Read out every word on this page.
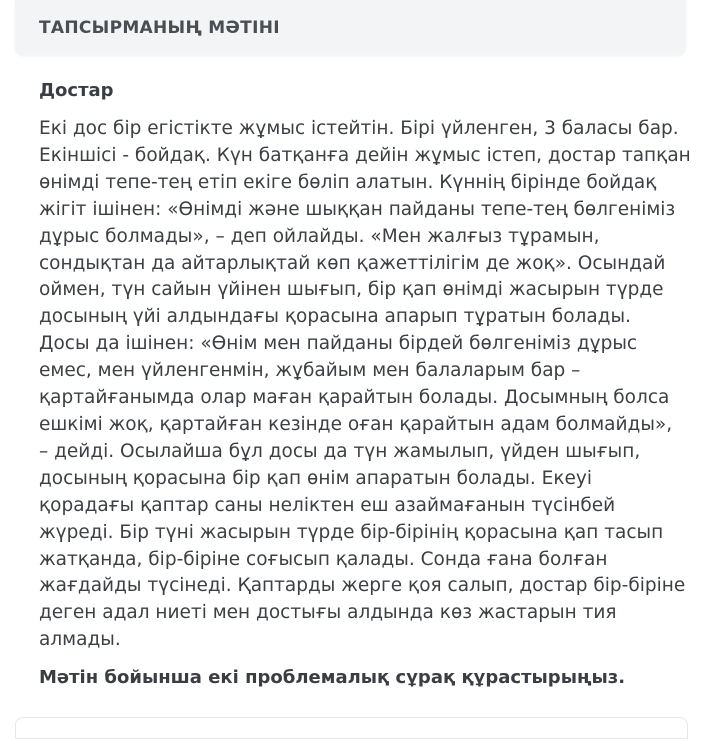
ТАПСЫРМАНЫҢ МӘТІНІ
Достар

Екі дос бір егістікте жұмыс істейтін. Бірі үйленген, 3 баласы бар.
Екіншісі - бойдақ. Күн батқанға дейін жұмыс істеп, достар тапқан
өнімді тепе-тең етіп екіге бөліп алатын. Күннің бірінде бойдақ
жігіт ішінен: «Өнімді және шыққан пайданы тепе-тең бөлгеніміз
дұрыс болмады», – деп ойлайды. «Мен жалғыз тұрамын,
сондықтан да айтарлықтай көп қажеттілігім де жоқ». Осындай
оймен, түн сайын үйінен шығып, бір қап өнімді жасырын түрде
досының үйі алдындағы қорасына апарып тұратын болады.
Досы да ішінен: «Өнім мен пайданы бірдей бөлгеніміз дұрыс
емес, мен үйленгенмін, жұбайым мен балаларым бар –
қартайғанымда олар маған қарайтын болады. Досымның болса
ешкімі жоқ, қартайған кезінде оған қарайтын адам болмайды»,
– дейді. Осылайша бұл досы да түн жамылып, үйден шығып,
досының қорасына бір қап өнім апаратын болады. Екеуі
қорадағы қаптар саны неліктен еш азаймағанын түсінбей
жүреді. Бір түні жасырын түрде бір-бірінің қорасына қап тасып
жатқанда, бір-біріне соғысып қалады. Сонда ғана болған
жағдайды түсінеді. Қаптарды жерге қоя салып, достар бір-біріне
деген адал ниеті мен достығы алдында көз жастарын тия
алмады.

Мәтін бойынша екі проблемалық сұрақ құрастырыңыз.
